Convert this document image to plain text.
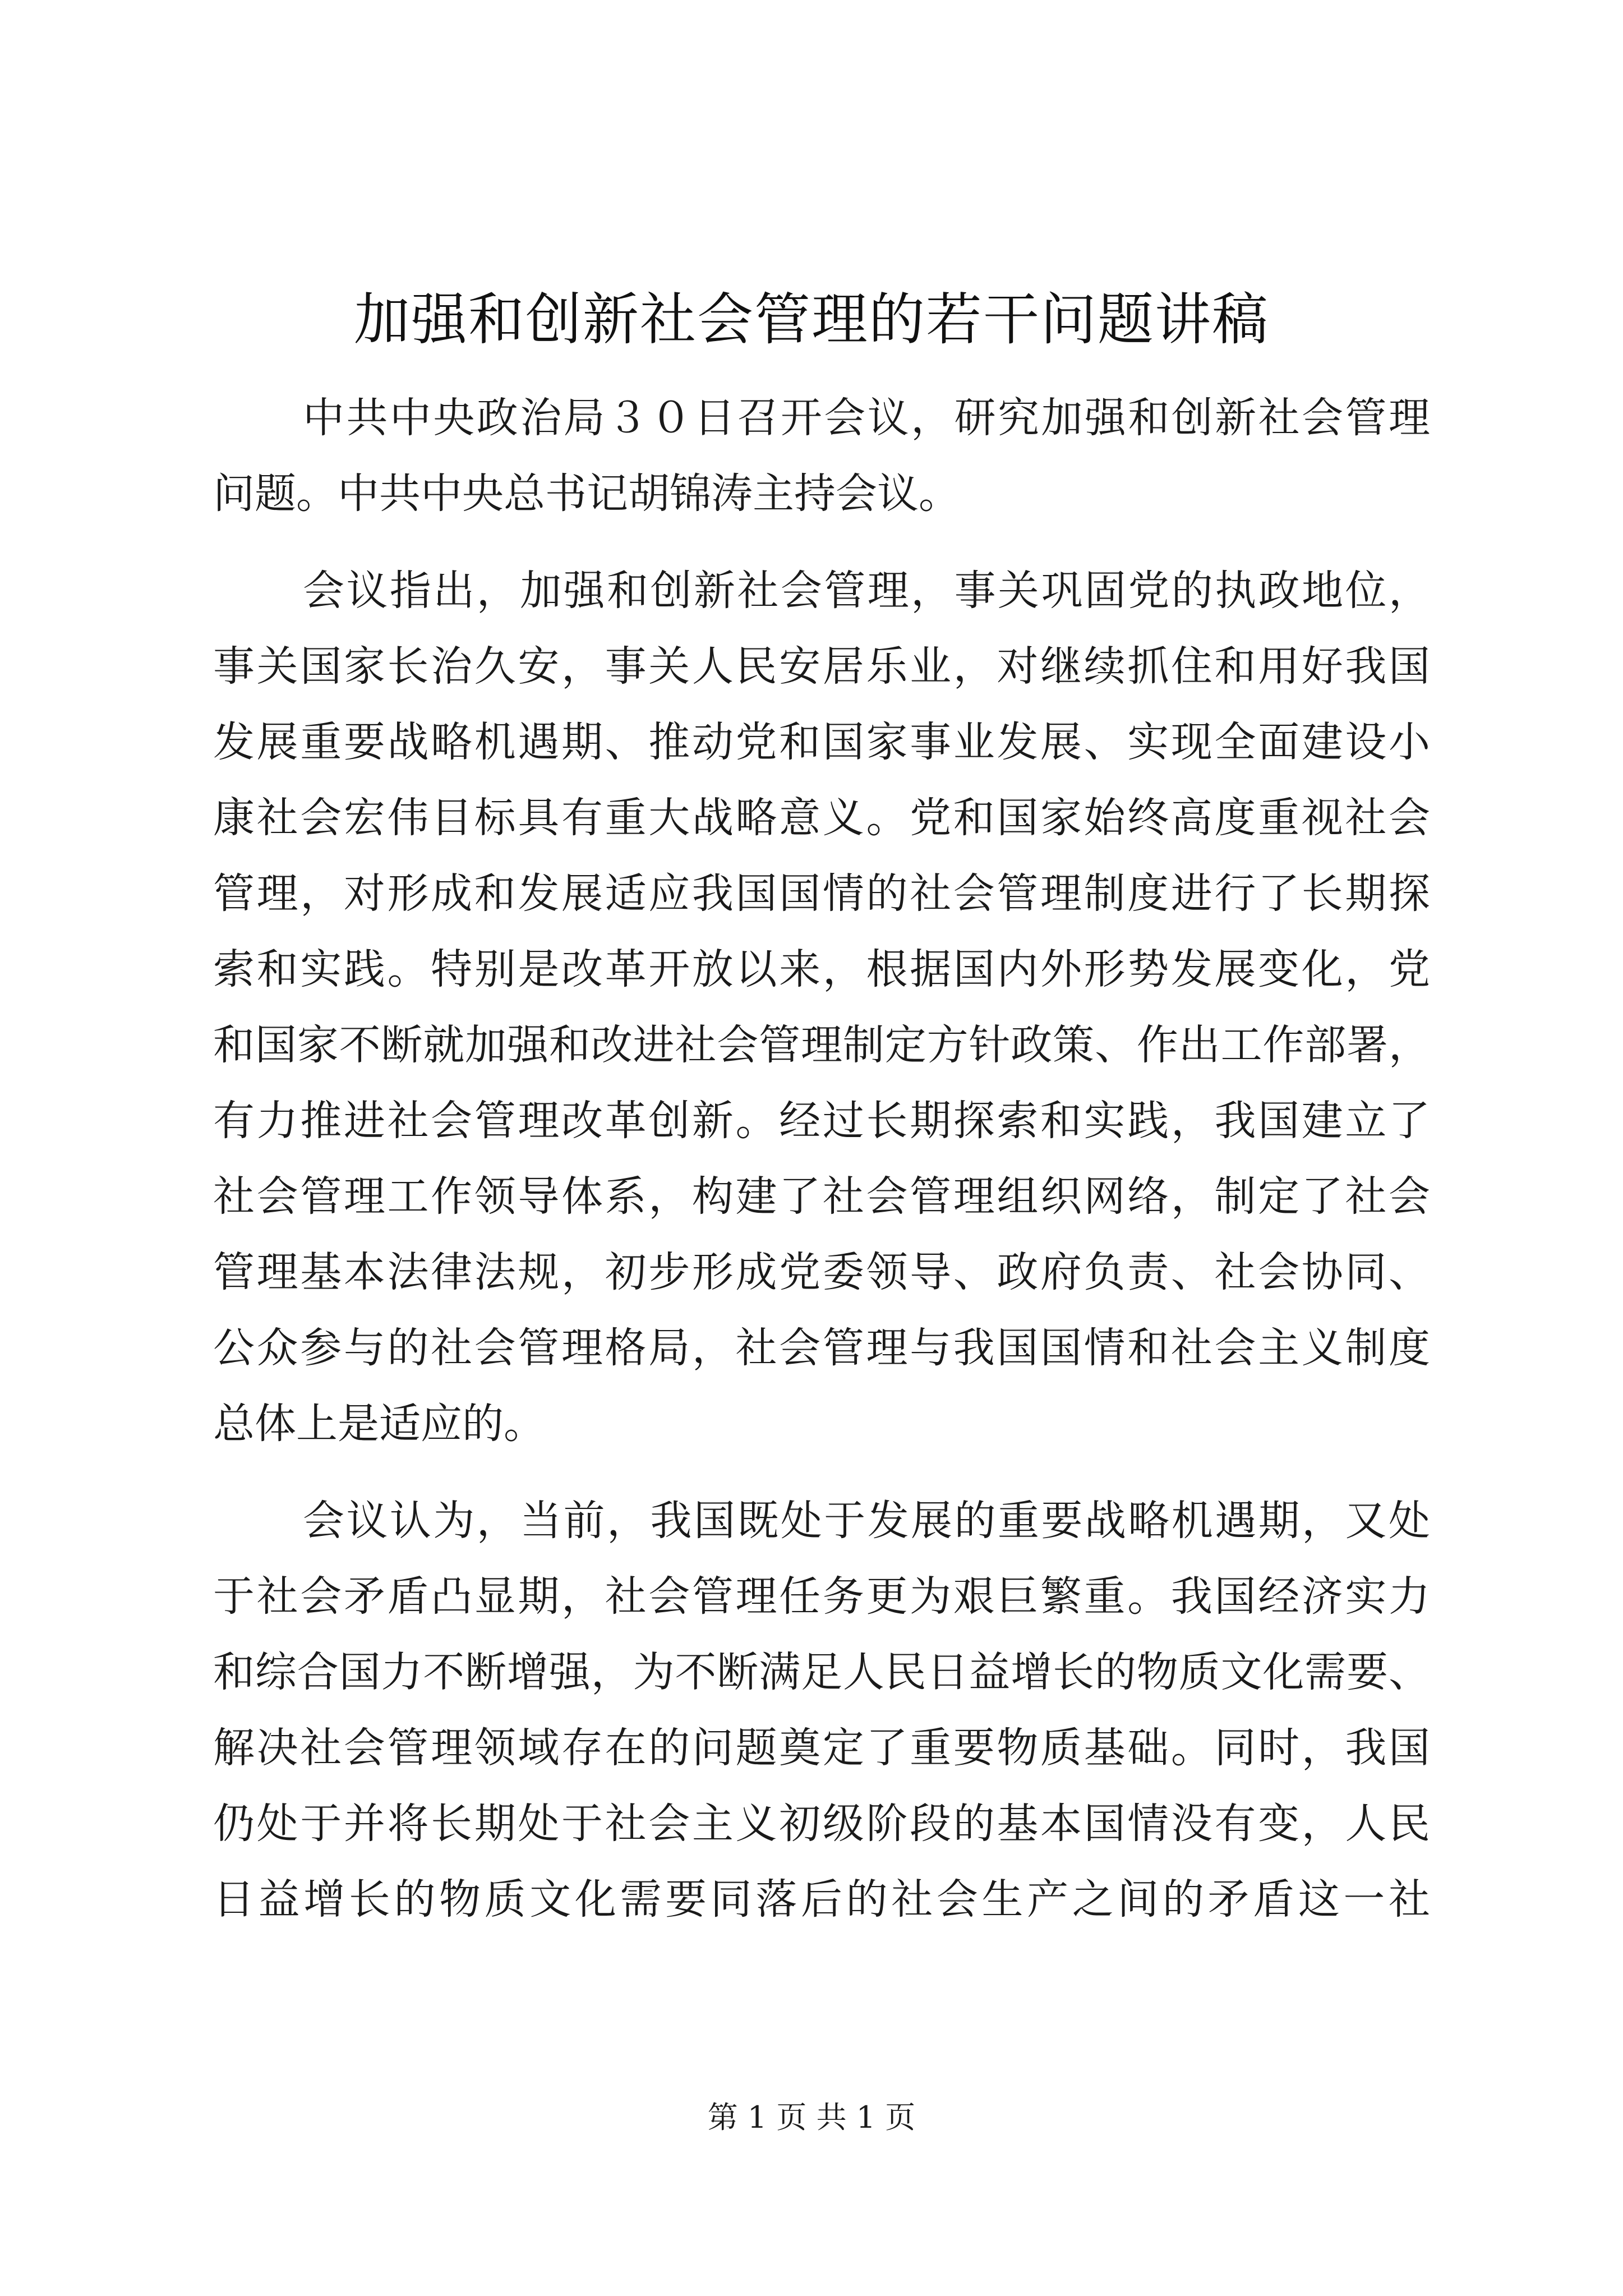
加强和创新社会管理的若干问题讲稿
中共中央政治局３０日召开会议，研究加强和创新社会管理
问题。中共中央总书记胡锦涛主持会议。
会议指出，加强和创新社会管理，事关巩固党的执政地位，
事关国家长治久安，事关人民安居乐业，对继续抓住和用好我国
发展重要战略机遇期、推动党和国家事业发展、实现全面建设小
康社会宏伟目标具有重大战略意义。党和国家始终高度重视社会
管理，对形成和发展适应我国国情的社会管理制度进行了长期探
索和实践。特别是改革开放以来，根据国内外形势发展变化，党
和国家不断就加强和改进社会管理制定方针政策、作出工作部署，
有力推进社会管理改革创新。经过长期探索和实践，我国建立了
社会管理工作领导体系，构建了社会管理组织网络，制定了社会
管理基本法律法规，初步形成党委领导、政府负责、社会协同、
公众参与的社会管理格局，社会管理与我国国情和社会主义制度
总体上是适应的。
会议认为，当前，我国既处于发展的重要战略机遇期，又处
于社会矛盾凸显期，社会管理任务更为艰巨繁重。我国经济实力
和综合国力不断增强，为不断满足人民日益增长的物质文化需要、
解决社会管理领域存在的问题奠定了重要物质基础。同时，我国
仍处于并将长期处于社会主义初级阶段的基本国情没有变，人民
日益增长的物质文化需要同落后的社会生产之间的矛盾这一社
第 1 页 共 1 页
